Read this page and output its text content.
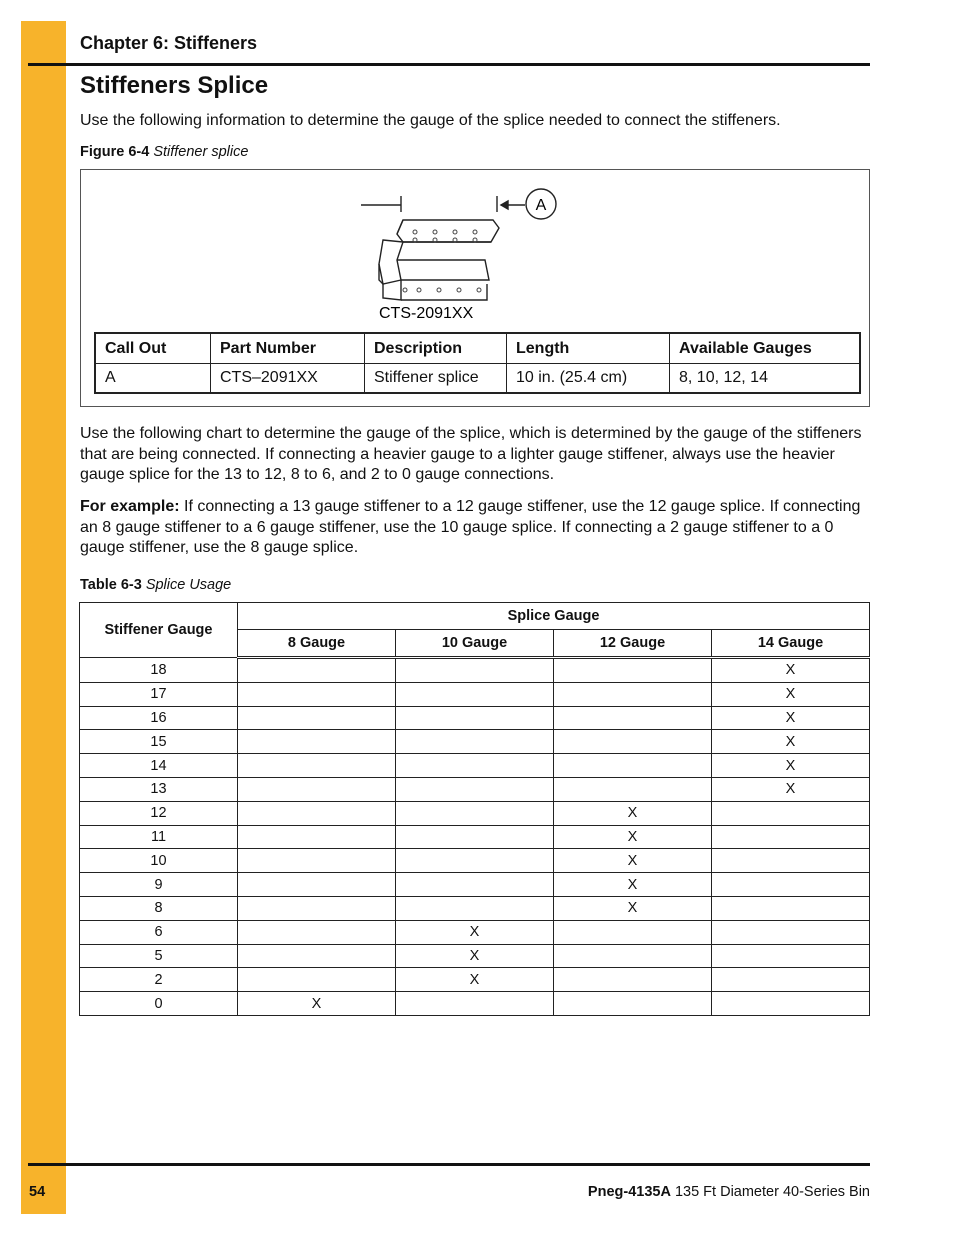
Chapter 6: Stiffeners
Stiffeners Splice
Use the following information to determine the gauge of the splice needed to connect the stiffeners.
Figure 6-4 Stiffener splice
A
CTS-2091XX
Call Out	Part Number	Description	Length	Available Gauges
A	CTS–2091XX	Stiffener splice	10 in. (25.4 cm)	8, 10, 12, 14
Use the following chart to determine the gauge of the splice, which is determined by the gauge of the stiffeners that are being connected. If connecting a heavier gauge to a lighter gauge stiffener, always use the heavier gauge splice for the 13 to 12, 8 to 6, and 2 to 0 gauge connections.
For example: If connecting a 13 gauge stiffener to a 12 gauge stiffener, use the 12 gauge splice. If connecting an 8 gauge stiffener to a 6 gauge stiffener, use the 10 gauge splice. If connecting a 2 gauge stiffener to a 0 gauge stiffener, use the 8 gauge splice.
Table 6-3 Splice Usage
Stiffener Gauge	Splice Gauge			
	8 Gauge	10 Gauge	12 Gauge	14 Gauge
18				X
17				X
16				X
15				X
14				X
13				X
12			X	
11			X	
10			X	
9			X	
8			X	
6		X		
5		X		
2		X		
0	X			
54	Pneg-4135A 135 Ft Diameter 40-Series Bin
